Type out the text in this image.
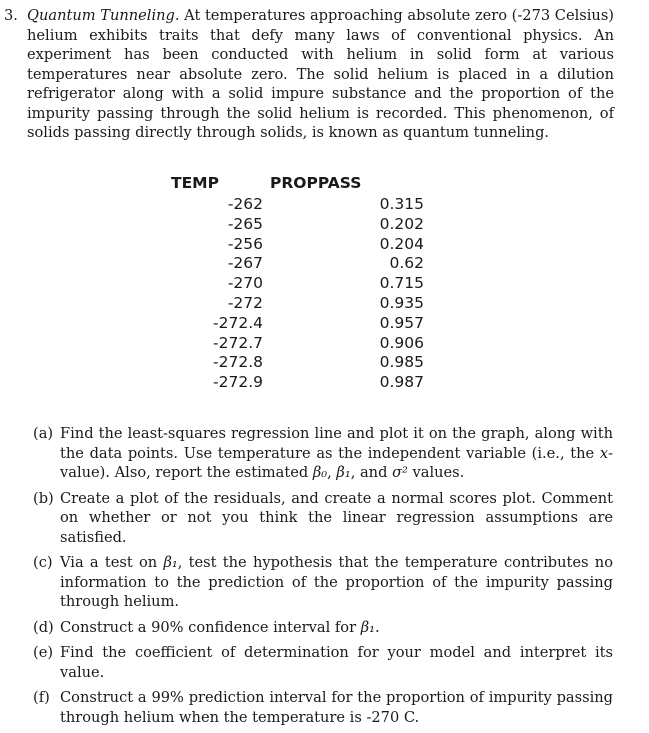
3. Quantum Tunneling. At temperatures approaching absolute zero (-273 Celsius) helium exhibits traits that defy many laws of conventional physics. An experiment has been conducted with helium in solid form at various temperatures near absolute zero. The solid helium is placed in a dilution refrigerator along with a solid impure substance and the proportion of the impurity passing through the solid helium is recorded. This phenomenon, of solids passing directly through solids, is known as quantum tunneling.
TEMP	PROPPASS
-262
-265
-256
-267
-270
-272
-272.4
-272.7
-272.8
-272.9
0.315
0.202
0.204
0.62
0.715
0.935
0.957
0.906
0.985
0.987
(a) Find the least-squares regression line and plot it on the graph, along with the data points. Use temperature as the independent variable (i.e., the x-value). Also, report the estimated β₀, β₁, and σ² values.
(b) Create a plot of the residuals, and create a normal scores plot. Comment on whether or not you think the linear regression assumptions are satisfied.
(c) Via a test on β₁, test the hypothesis that the temperature contributes no information to the prediction of the proportion of the impurity passing through helium.
(d) Construct a 90% confidence interval for β₁.
(e) Find the coefficient of determination for your model and interpret its value.
(f) Construct a 99% prediction interval for the proportion of impurity passing through helium when the temperature is -270 C.
